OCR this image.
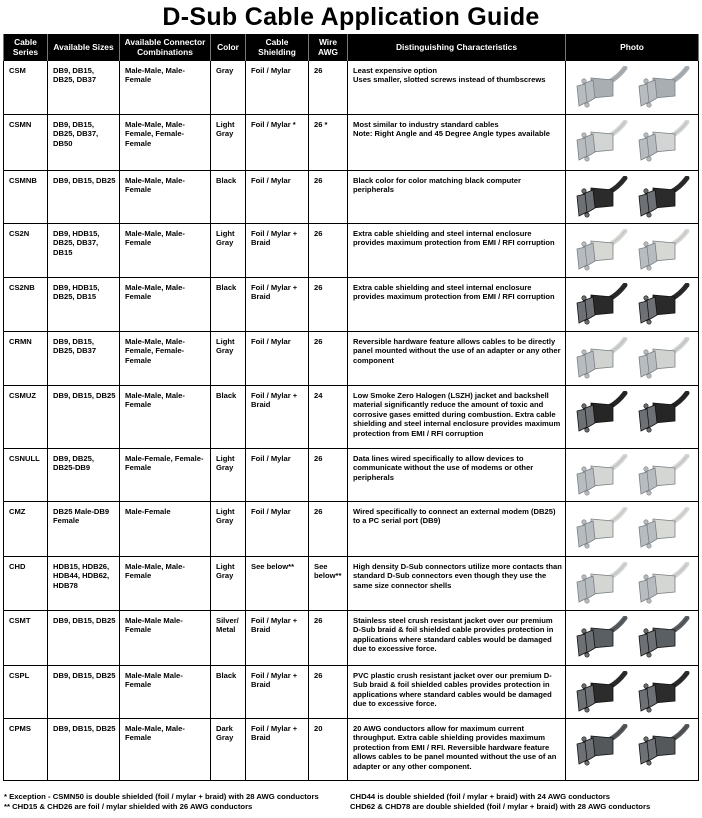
D-Sub Cable Application Guide
Cable Series	Available Sizes	Available Connector Combinations	Color	Cable Shielding	Wire AWG	Distinguishing Characteristics	Photo
CSM	DB9, DB15, DB25, DB37	Male-Male, Male-Female	Gray	Foil / Mylar	26	Least expensive option
Uses smaller, slotted screws instead of thumbscrews	

CSMN	DB9, DB15, DB25, DB37, DB50	Male-Male, Male-Female, Female-Female	Light Gray	Foil / Mylar *	26 *	Most similar to industry standard cables
Note: Right Angle and 45 Degree Angle types available	

CSMNB	DB9, DB15, DB25	Male-Male, Male-Female	Black	Foil / Mylar	26	Black color for color matching black computer peripherals	

CS2N	DB9, HDB15, DB25, DB37, DB15	Male-Male, Male-Female	Light Gray	Foil / Mylar + Braid	26	Extra cable shielding and steel internal enclosure provides maximum protection from EMI / RFI corruption	

CS2NB	DB9, HDB15, DB25, DB15	Male-Male, Male-Female	Black	Foil / Mylar + Braid	26	Extra cable shielding and steel internal enclosure provides maximum protection from EMI / RFI corruption	

CRMN	DB9, DB15, DB25, DB37	Male-Male, Male-Female, Female-Female	Light Gray	Foil / Mylar	26	Reversible hardware feature allows cables to be directly panel mounted without the use of an adapter or any other component	

CSMUZ	DB9, DB15, DB25	Male-Male, Male-Female	Black	Foil / Mylar + Braid	24	Low Smoke Zero Halogen (LSZH) jacket and backshell material significantly reduce the amount of toxic and corrosive gases emitted during combustion. Extra cable shielding and steel internal enclosure provides maximum protection from EMI / RFI corruption	

CSNULL	DB9, DB25, DB25-DB9	Male-Female, Female-Female	Light Gray	Foil / Mylar	26	Data lines wired specifically to allow devices to communicate without the use of modems or other peripherals	

CMZ	DB25 Male-DB9 Female	Male-Female	Light Gray	Foil / Mylar	26	Wired specifically to connect an external modem (DB25) to a PC serial port (DB9)	

CHD	HDB15, HDB26, HDB44, HDB62, HDB78	Male-Male, Male-Female	Light Gray	See below**	See below**	High density D-Sub connectors utilize more contacts than standard D-Sub connectors even though they use the same size connector shells	

CSMT	DB9, DB15, DB25	Male-Male Male-Female	Silver/ Metal	Foil / Mylar + Braid	26	Stainless steel crush resistant jacket over our premium D-Sub braid & foil shielded cable provides protection in applications where standard cables would be damaged due to excessive force.	

CSPL	DB9, DB15, DB25	Male-Male Male-Female	Black	Foil / Mylar + Braid	26	PVC plastic crush resistant jacket over our premium D-Sub braid & foil shielded cables provides protection in applications where standard cables would be damaged due to excessive force.	

CPMS	DB9, DB15, DB25	Male-Male, Male-Female	Dark Gray	Foil / Mylar + Braid	20	20 AWG conductors allow for maximum current throughput. Extra cable shielding provides maximum protection from EMI / RFI. Reversible hardware feature allows cables to be panel mounted without the use of an adapter or any other component.	
* Exception - CSMN50 is double shielded (foil / mylar + braid) with 28 AWG conductors
** CHD15 & CHD26 are foil / mylar shielded with 26 AWG conductors
CHD44 is double shielded (foil / mylar + braid) with 24 AWG conductors
CHD62 & CHD78 are double shielded (foil / mylar + braid) with 28 AWG conductors
